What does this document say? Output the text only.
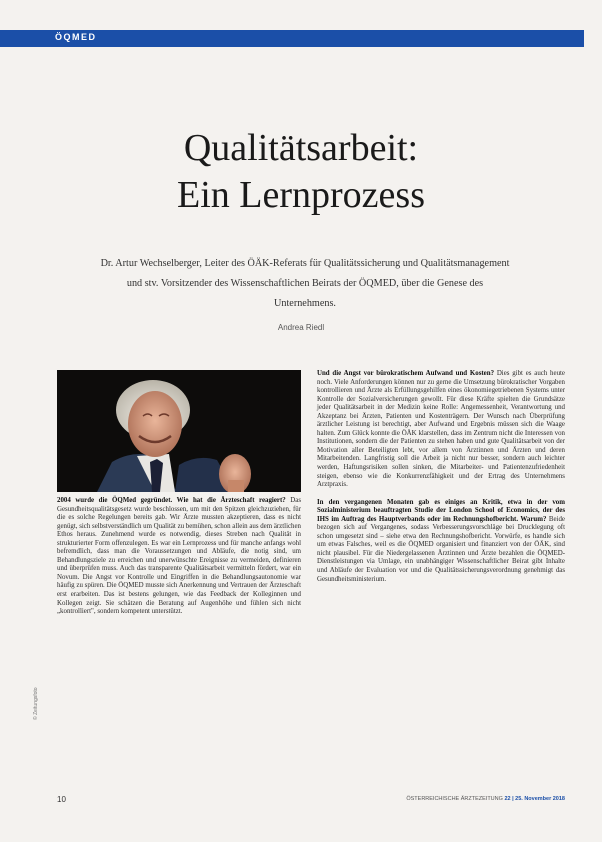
ÖQMED
Qualitätsarbeit:
Ein Lernprozess
Dr. Artur Wechselberger, Leiter des ÖÄK-Referats für Qualitätssicherung und Qualitätsmanagement und stv. Vorsitzender des Wissenschaftlichen Beirats der ÖQMED, über die Genese des Unternehmens.
Andrea Riedl
© Zeitungsfoto

2004 wurde die ÖQMed gegründet. Wie hat die Ärzteschaft reagiert? Das Gesundheitsqualitätsgesetz wurde beschlossen, um mit den Spitzen gleichzuziehen, für die es solche Regelungen bereits gab. Wir Ärzte mussten akzeptieren, dass es nicht genügt, sich selbstverständlich um Qualität zu bemühen, schon allein aus dem ärztlichen Ethos heraus. Zunehmend wurde es notwendig, dieses Streben nach Qualität in strukturierter Form offenzulegen. Es war ein Lernprozess und für manche anfangs wohl befremdlich, dass man die Voraussetzungen und Abläufe, die notig sind, um Behandlungsziele zu erreichen und unerwünschte Ereignisse zu vermeiden, definieren und überprüfen muss. Auch das transparente Qualitätsarbeit vermitteln fördert, war ein Novum. Die Angst vor Kontrolle und Eingriffen in die Behandlungsautonomie war häufig zu spüren. Die ÖQMED musste sich Anerkennung und Vertrauen der Ärzteschaft erst erarbeiten. Das ist bestens gelungen, wie das Feedback der Kolleginnen und Kollegen zeigt. Sie schätzen die Beratung auf Augenhöhe und fühlen sich nicht „kontrolliert", sondern kompetent unterstützt.

Und die Angst vor bürokratischem Aufwand und Kosten? Dies gibt es auch heute noch. Viele Anforderungen können nur zu gerne die Umsetzung bürokratischer Vorgaben kontrollieren und Ärzte als Erfüllungsgehilfen eines ökonomiegetriebenen Systems unter Kontrolle der Sozialversicherungen gewollt. Für diese Kräfte spielten die Grundsätze jeder Qualitätsarbeit in der Medizin keine Rolle: Angemessenheit, Verantwortung und Akzeptanz bei Ärzten, Patienten und Kostenträgern. Der Wunsch nach Überprüfung ärztlicher Leistung ist berechtigt, aber Aufwand und Ergebnis müssen sich die Waage halten. Zum Glück konnte die ÖÄK klarstellen, dass im Zentrum nicht die Interessen von Institutionen, sondern die der Patienten zu stehen haben und gute Qualitätsarbeit von der Motivation aller Beteiligten lebt, vor allem von Ärztinnen und Ärzten und deren Mitarbeitenden. Langfristig soll die Arbeit ja nicht nur besser, sondern auch leichter werden, Haftungsrisiken sollen sinken, die Mitarbeiter- und Patientenzufriedenheit steigen, ebenso wie die Konkurrenzfähigkeit und der Ertrag des Unternehmens Arztpraxis.

In den vergangenen Monaten gab es einiges an Kritik, etwa in der vom Sozialministerium beauftragten Studie der London School of Economics, der des IHS im Auftrag des Hauptverbands oder im Rechnungshofbericht. Warum? Beide bezogen sich auf Vergangenes, sodass Verbesserungsvorschläge bei Drucklegung oft schon umgesetzt sind – siehe etwa den Rechnungshofbericht. Vorwürfe, es handle sich um etwas Falsches, weil es die ÖQMED organisiert und finanziert von der ÖÄK, sind nicht plausibel. Für die Niedergelassenen Ärztinnen und Ärzte bezahlen die ÖQMED-Dienstleistungen via Umlage, ein unabhängiger Wissenschaftlicher Beirat gibt Inhalte und Abläufe der Evaluation vor und die Qualitätssicherungsverordnung genehmigt das Gesundheitsministerium.

10	ÖSTERREICHISCHE ÄRZTEZEITUNG 22 | 25. November 2018
